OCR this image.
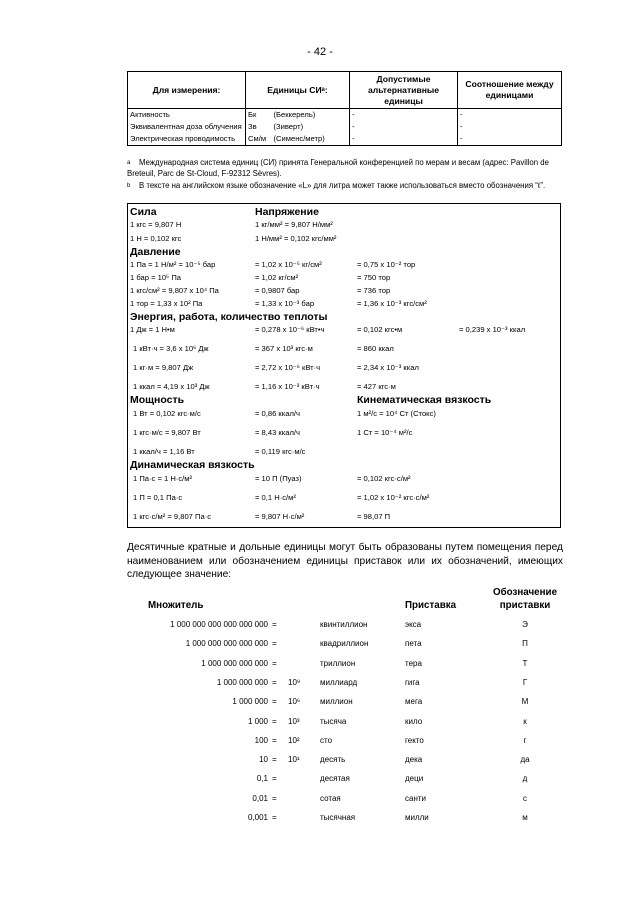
- 42 -
Для измерения:	Единицы СИᵃ:		Допустимые альтернативные единицы	Соотношение между единицами
Активность	Бк	(Беккерель)	-	-
Эквивалентная доза облучения	Зв	(Зиверт)	-	-
Электрическая проводимость	См/м	(Сименс/метр)	-	-
a Международная система единиц (СИ) принята Генеральной конференцией по мерам и весам (адрес: Pavillon de Breteuil, Parc de St-Cloud, F-92312 Sèvres).
b В тексте на английском языке обозначение «L» для литра может также использоваться вместо обозначения “ℓ”.
Сила	Напряжение
1 кгс = 9,807 Н	1 кг/мм² = 9,807 Н/мм²
1 Н = 0,102 кгс	1 Н/мм² = 0,102 кгс/мм²
Давление
1 Па = 1 Н/м² = 10⁻⁵ бар	= 1,02 x 10⁻⁵ кг/см²	= 0,75 x 10⁻² тор
1 бар = 10⁵ Па	= 1,02 кг/см²	= 750 тор
1 кгс/см² = 9,807 x 10⁴ Па	= 0,9807 бар	= 736 тор
1 тор = 1,33 x 10² Па	= 1,33 x 10⁻³ бар	= 1,36 x 10⁻³ кгс/см²
Энергия, работа, количество теплоты
1 Дж = 1 Н•м	= 0,278 x 10⁻⁶ кВт•ч	= 0,102 кгс•м	= 0,239 x 10⁻³ ккал
1 кВт·ч = 3,6 x 10⁶ Дж	= 367 x 10³ кгс·м	= 860 ккал
1 кг·м = 9,807 Дж	= 2,72 x 10⁻⁶ кВт·ч	= 2,34 x 10⁻³ ккал
1 ккал = 4,19 x 10³ Дж	= 1,16 x 10⁻³ кВт·ч	= 427 кгс·м
Мощность	Кинематическая вязкость
1 Вт = 0,102 кгс·м/с	= 0,86 ккал/ч	1 м²/с = 10⁴ Ст (Стокс)
1 кгс·м/с = 9,807 Вт	= 8,43 ккал/ч	1 Ст = 10⁻⁴ м²/с
1 ккал/ч = 1,16 Вт	= 0,119 кгс·м/с
Динамическая вязкость
1 Па·с = 1 Н·с/м²	= 10 П (Пуаз)	= 0,102 кгс·с/м²
1 П = 0,1 Па·с	= 0,1 Н·с/м²	= 1,02 x 10⁻² кгс·с/м²
1 кгс·с/м² = 9,807 Па·с	= 9,807 Н·с/м²	= 98,07 П
Десятичные кратные и дольные единицы могут быть образованы путем помещения перед наименованием или обозначением единицы приставок или их обозначений, имеющих следующее значение:
Множитель	Приставка
Обозначение
приставки
1 000 000 000 000 000 000 =	квинтиллион	экса	Э
1 000 000 000 000 000 =	квадриллион	пета	П
1 000 000 000 000 =	триллион	тера	Т
1 000 000 000 = 10⁹ миллиард	гига	Г
1 000 000 = 10⁶ миллион	мега	М
1 000 = 10³	тысяча	кило	к
100 = 10²	сто	гекто	г
10 = 10¹	десять	дека	да
0,1 =	десятая	деци	д
0,01 =	сотая	санти	с
0,001 =	тысячная	милли	м
